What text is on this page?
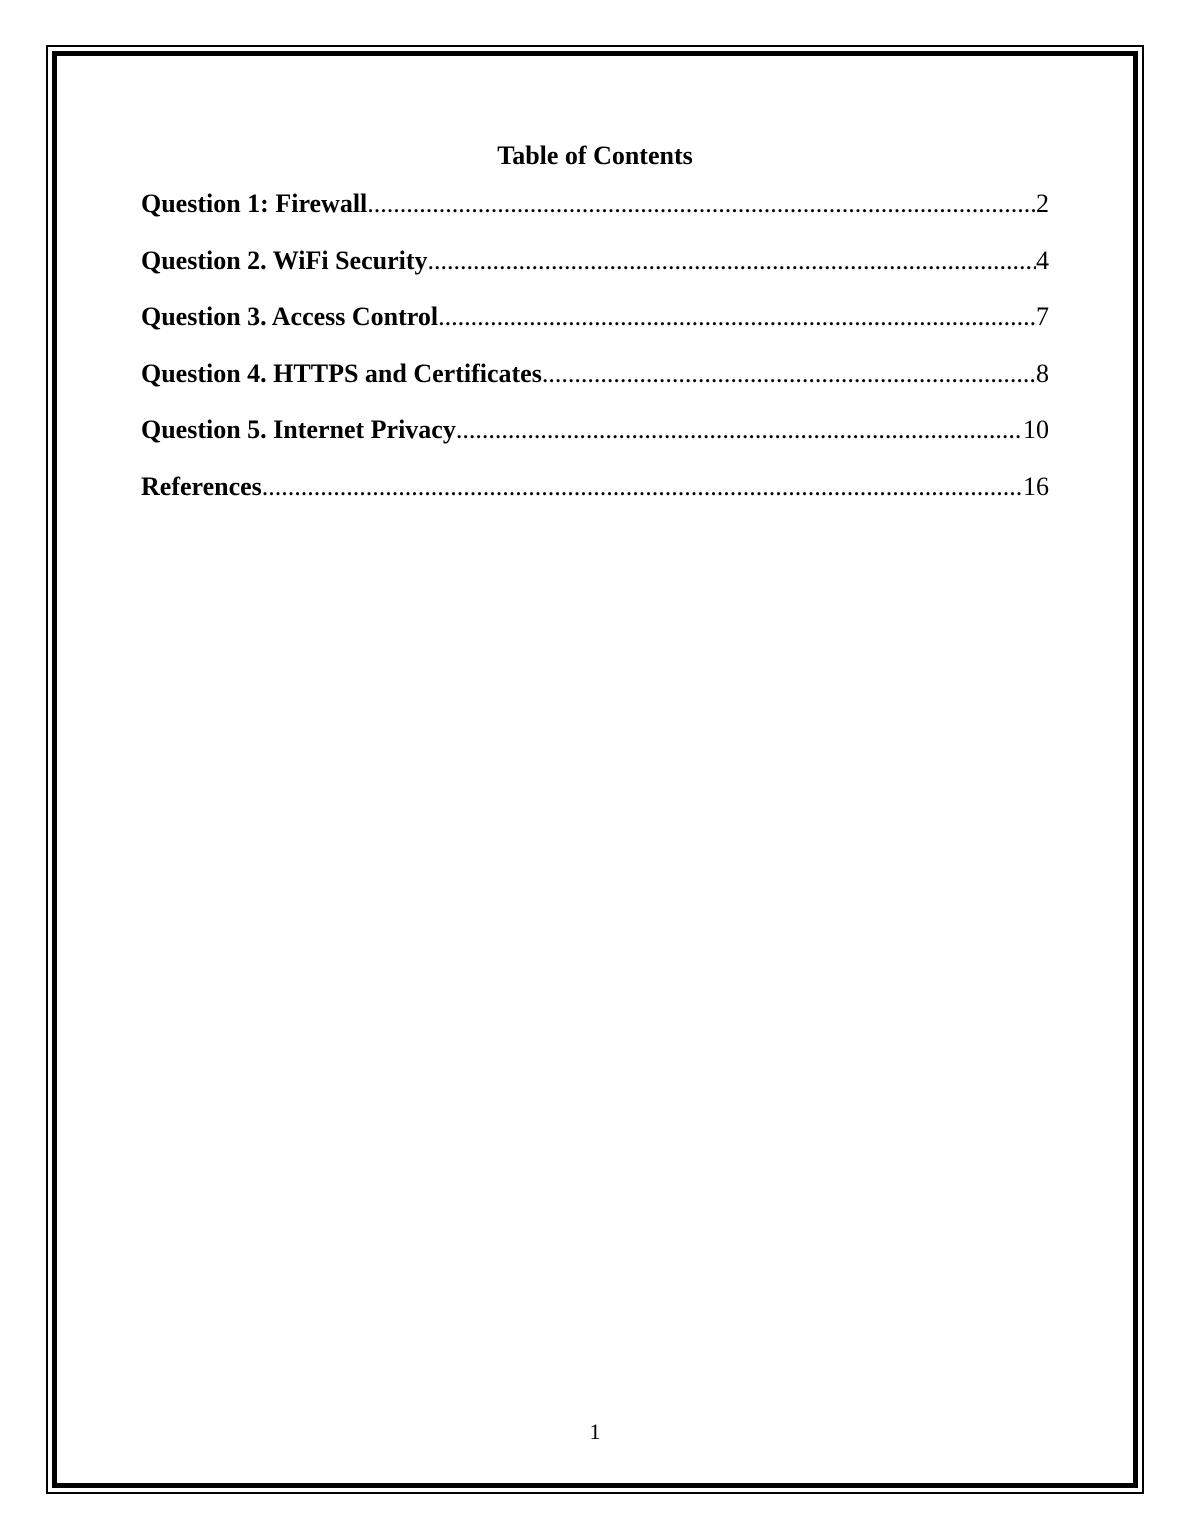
Table of Contents
Question 1: Firewall .....	2
Question 2. WiFi Security .....	4
Question 3. Access Control .....	7
Question 4. HTTPS and Certificates .....	8
Question 5. Internet Privacy .....	10
References .....	16
1
